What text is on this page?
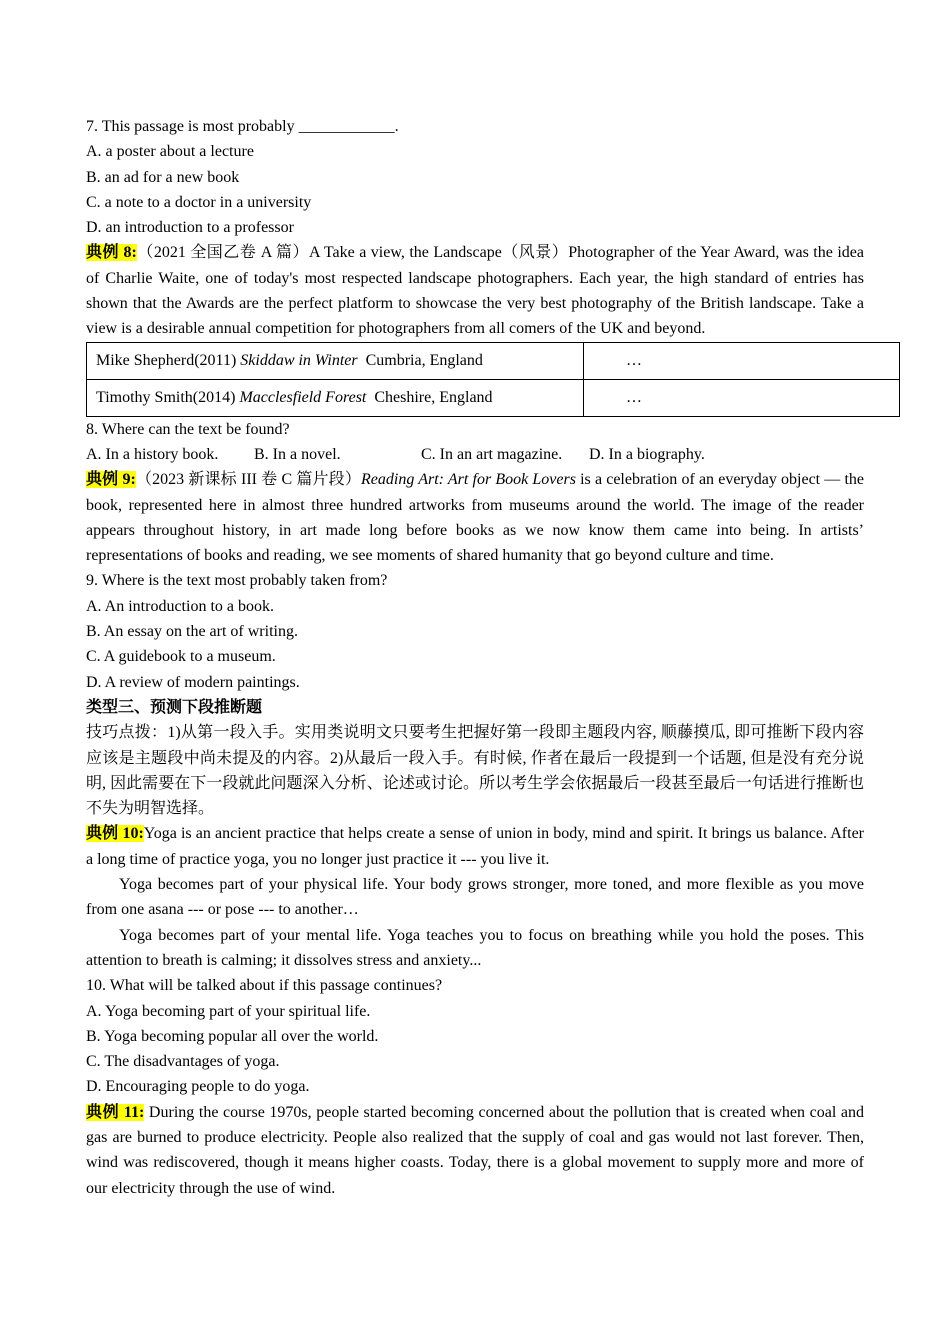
7. This passage is most probably ____________.

A. a poster about a lecture

B. an ad for a new book

C. a note to a doctor in a university

D. an introduction to a professor

典例 8:（2021 全国乙卷 A 篇）A Take a view, the Landscape（风景）Photographer of the Year Award, was the idea of Charlie Waite, one of today's most respected landscape photographers. Each year, the high standard of entries has shown that the Awards are the perfect platform to showcase the very best photography of the British landscape. Take a view is a desirable annual competition for photographers from all comers of the UK and beyond.

Mike Shepherd(2011) Skiddaw in Winter Cumbria, England	…
Timothy Smith(2014) Macclesfield Forest Cheshire, England	…

8. Where can the text be found?

A. In a history book.	B. In a novel.	C. In an art magazine.	D. In a biography.

典例 9:（2023 新课标 III 卷 C 篇片段）Reading Art: Art for Book Lovers is a celebration of an everyday object — the book, represented here in almost three hundred artworks from museums around the world. The image of the reader appears throughout history, in art made long before books as we now know them came into being. In artists’ representations of books and reading, we see moments of shared humanity that go beyond culture and time.

9. Where is the text most probably taken from?

A. An introduction to a book.

B. An essay on the art of writing.

C. A guidebook to a museum.

D. A review of modern paintings.

类型三、预测下段推断题

技巧点拨：1)从第一段入手。实用类说明文只要考生把握好第一段即主题段内容, 顺藤摸瓜, 即可推断下段内容应该是主题段中尚未提及的内容。2)从最后一段入手。有时候, 作者在最后一段提到一个话题, 但是没有充分说明, 因此需要在下一段就此问题深入分析、论述或讨论。所以考生学会依据最后一段甚至最后一句话进行推断也不失为明智选择。

典例 10:Yoga is an ancient practice that helps create a sense of union in body, mind and spirit. It brings us balance. After a long time of practice yoga, you no longer just practice it --- you live it.

Yoga becomes part of your physical life. Your body grows stronger, more toned, and more flexible as you move from one asana --- or pose --- to another…

Yoga becomes part of your mental life. Yoga teaches you to focus on breathing while you hold the poses. This attention to breath is calming; it dissolves stress and anxiety...

10. What will be talked about if this passage continues?

A. Yoga becoming part of your spiritual life.

B. Yoga becoming popular all over the world.

C. The disadvantages of yoga.

D. Encouraging people to do yoga.

典例 11: During the course 1970s, people started becoming concerned about the pollution that is created when coal and gas are burned to produce electricity. People also realized that the supply of coal and gas would not last forever. Then, wind was rediscovered, though it means higher coasts. Today, there is a global movement to supply more and more of our electricity through the use of wind.
